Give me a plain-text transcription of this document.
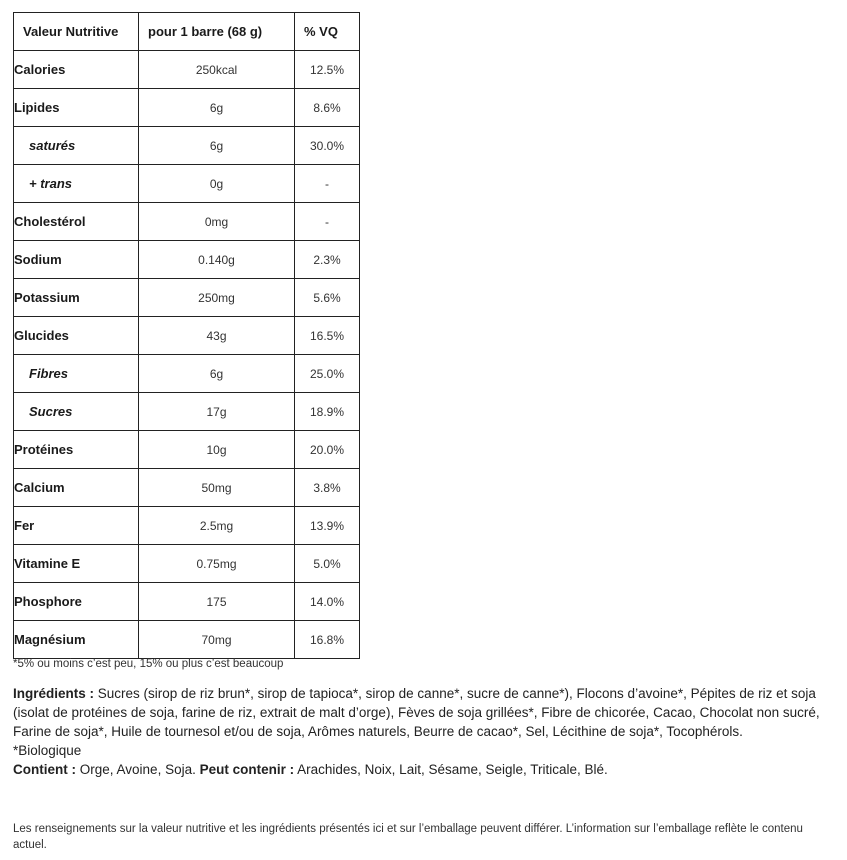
Valeur Nutritive	pour 1 barre (68 g)	% VQ
Calories	250kcal	12.5%
Lipides	6g	8.6%
saturés	6g	30.0%
+ trans	0g	-
Cholestérol	0mg	-
Sodium	0.140g	2.3%
Potassium	250mg	5.6%
Glucides	43g	16.5%
Fibres	6g	25.0%
Sucres	17g	18.9%
Protéines	10g	20.0%
Calcium	50mg	3.8%
Fer	2.5mg	13.9%
Vitamine E	0.75mg	5.0%
Phosphore	175	14.0%
Magnésium	70mg	16.8%
*5% ou moins c’est peu, 15% ou plus c’est beaucoup
Ingrédients : Sucres (sirop de riz brun*, sirop de tapioca*, sirop de canne*, sucre de canne*), Flocons d’avoine*, Pépites de riz et soja (isolat de protéines de soja, farine de riz, extrait de malt d’orge), Fèves de soja grillées*, Fibre de chicorée, Cacao, Chocolat non sucré, Farine de soja*, Huile de tournesol et/ou de soja, Arômes naturels, Beurre de cacao*, Sel, Lécithine de soja*, Tocophérols.
*Biologique
Contient : Orge, Avoine, Soja. Peut contenir : Arachides, Noix, Lait, Sésame, Seigle, Triticale, Blé.
Les renseignements sur la valeur nutritive et les ingrédients présentés ici et sur l’emballage peuvent différer. L’information sur l’emballage reflète le contenu actuel.
